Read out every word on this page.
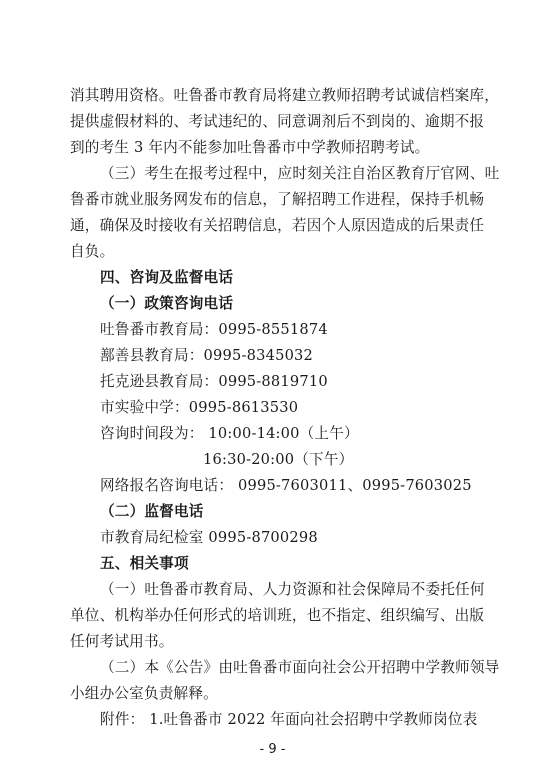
消其聘用资格。吐鲁番市教育局将建立教师招聘考试诚信档案库，
提供虚假材料的、考试违纪的、同意调剂后不到岗的、逾期不报
到的考生 3 年内不能参加吐鲁番市中学教师招聘考试。
（三）考生在报考过程中，应时刻关注自治区教育厅官网、吐
鲁番市就业服务网发布的信息，了解招聘工作进程，保持手机畅
通，确保及时接收有关招聘信息，若因个人原因造成的后果责任
自负。
四、咨询及监督电话
（一）政策咨询电话
吐鲁番市教育局：0995-8551874
鄯善县教育局：0995-8345032
托克逊县教育局：0995-8819710
市实验中学：0995-8613530
咨询时间段为： 10:00-14:00（上午）
16:30-20:00（下午）
网络报名咨询电话： 0995-7603011、0995-7603025
（二）监督电话
市教育局纪检室 0995-8700298
五、相关事项
（一）吐鲁番市教育局、人力资源和社会保障局不委托任何
单位、机构举办任何形式的培训班，也不指定、组织编写、出版
任何考试用书。
（二）本《公告》由吐鲁番市面向社会公开招聘中学教师领导
小组办公室负责解释。
附件： 1.吐鲁番市 2022 年面向社会招聘中学教师岗位表
- 9 -
